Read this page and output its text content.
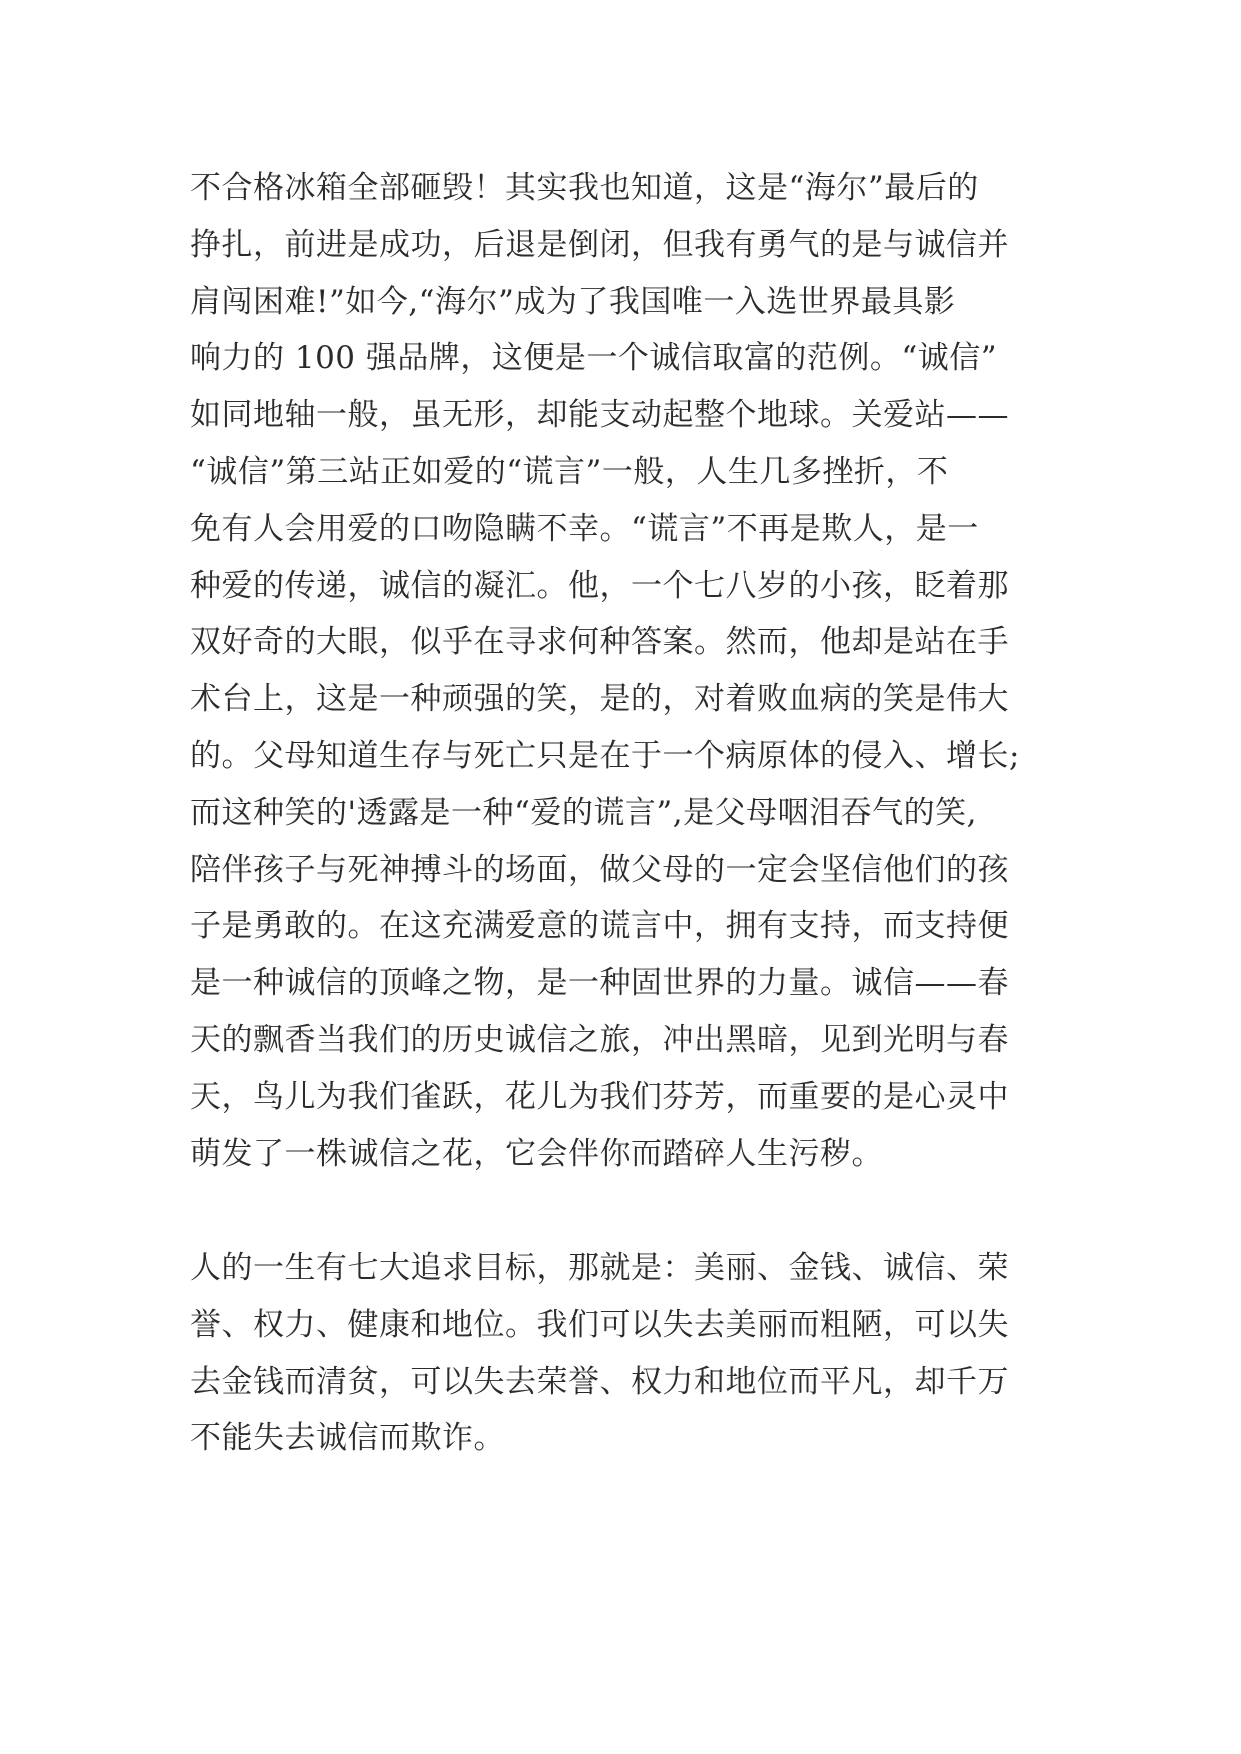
不合格冰箱全部砸毁！其实我也知道，这是“海尔”最后的
挣扎，前进是成功，后退是倒闭，但我有勇气的是与诚信并
肩闯困难!”如今,“海尔”成为了我国唯一入选世界最具影
响力的 100 强品牌，这便是一个诚信取富的范例。“诚信”
如同地轴一般，虽无形，却能支动起整个地球。关爱站——
“诚信”第三站正如爱的“谎言”一般，人生几多挫折，不
免有人会用爱的口吻隐瞒不幸。“谎言”不再是欺人，是一
种爱的传递，诚信的凝汇。他，一个七八岁的小孩，眨着那
双好奇的大眼，似乎在寻求何种答案。然而，他却是站在手
术台上，这是一种顽强的笑，是的，对着败血病的笑是伟大
的。父母知道生存与死亡只是在于一个病原体的侵入、增长;
而这种笑的'透露是一种“爱的谎言”,是父母咽泪吞气的笑,
陪伴孩子与死神搏斗的场面，做父母的一定会坚信他们的孩
子是勇敢的。在这充满爱意的谎言中，拥有支持，而支持便
是一种诚信的顶峰之物，是一种固世界的力量。诚信——春
天的飘香当我们的历史诚信之旅，冲出黑暗，见到光明与春
天，鸟儿为我们雀跃，花儿为我们芬芳，而重要的是心灵中
萌发了一株诚信之花，它会伴你而踏碎人生污秽。
人的一生有七大追求目标，那就是：美丽、金钱、诚信、荣
誉、权力、健康和地位。我们可以失去美丽而粗陋，可以失
去金钱而清贫，可以失去荣誉、权力和地位而平凡，却千万
不能失去诚信而欺诈。
